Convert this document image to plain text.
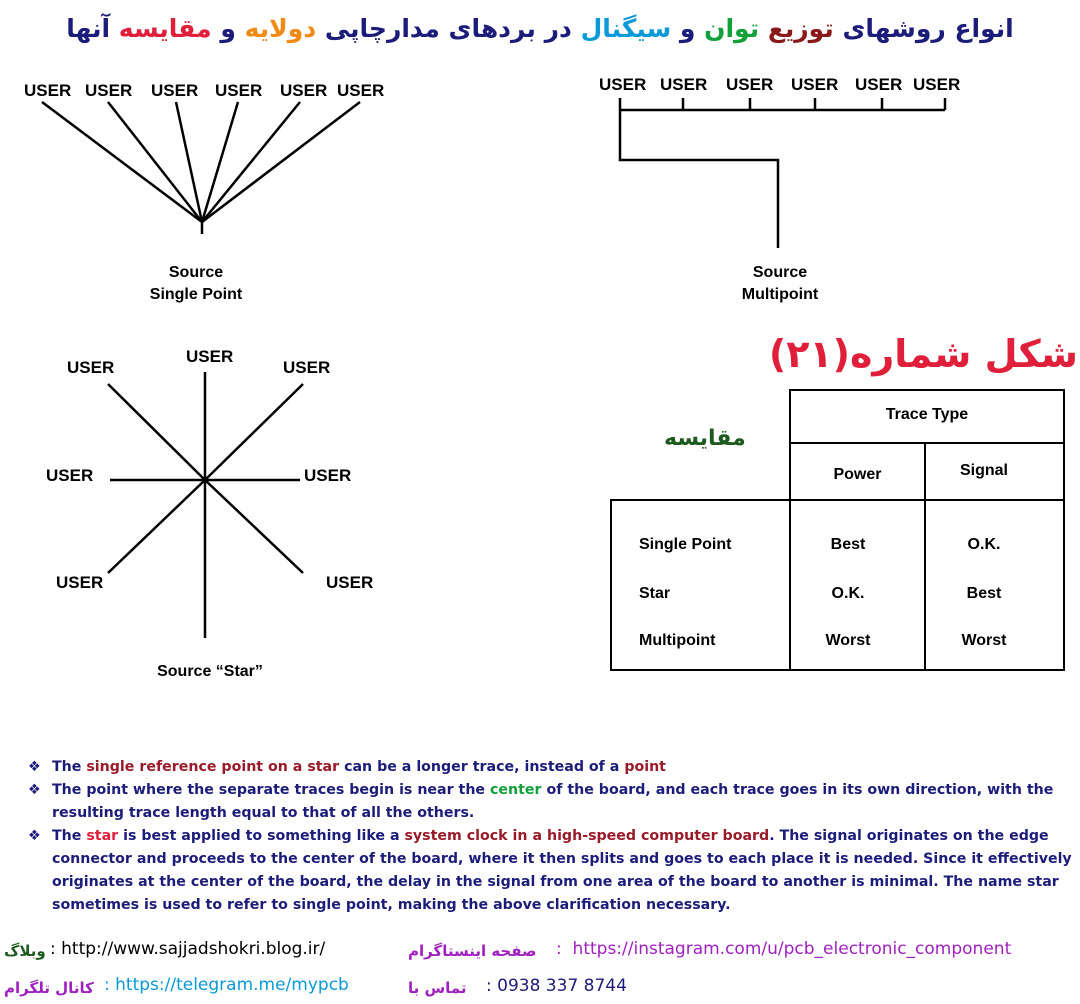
انواع روشهای توزیع توان و سیگنال در بردهای مدارچاپی دولایه و مقایسه آنها
USER USER USER USER USER USER
Source
Single Point
USER USER USER USER USER USER
Source
Multipoint
USER
USER
USER
USER	USER
USER	USER
Source “Star”
شکل شماره(۲۱)
مقایسه
Trace Type
Power	Signal
Single Point	Best	O.K.
Star	O.K.	Best
Multipoint	Worst	Worst

❖ The single reference point on a star can be a longer trace, instead of a point

❖ The point where the separate traces begin is near the center of the board, and each trace goes in its own direction, with the resulting trace length equal to that of all the others.

❖ The star is best applied to something like a system clock in a high-speed computer board. The signal originates on the edge connector and proceeds to the center of the board, where it then splits and goes to each place it is needed. Since it effectively originates at the center of the board, the delay in the signal from one area of the board to another is minimal. The name star sometimes is used to refer to single point, making the above clarification necessary.

وبلاگ : http://www.sajjadshokri.blog.ir/
کانال تلگرام : https://telegram.me/mypcb
صفحه اینستاگرام :  https://instagram.com/u/pcb_electronic_component
تماس با : 0938 337 8744
